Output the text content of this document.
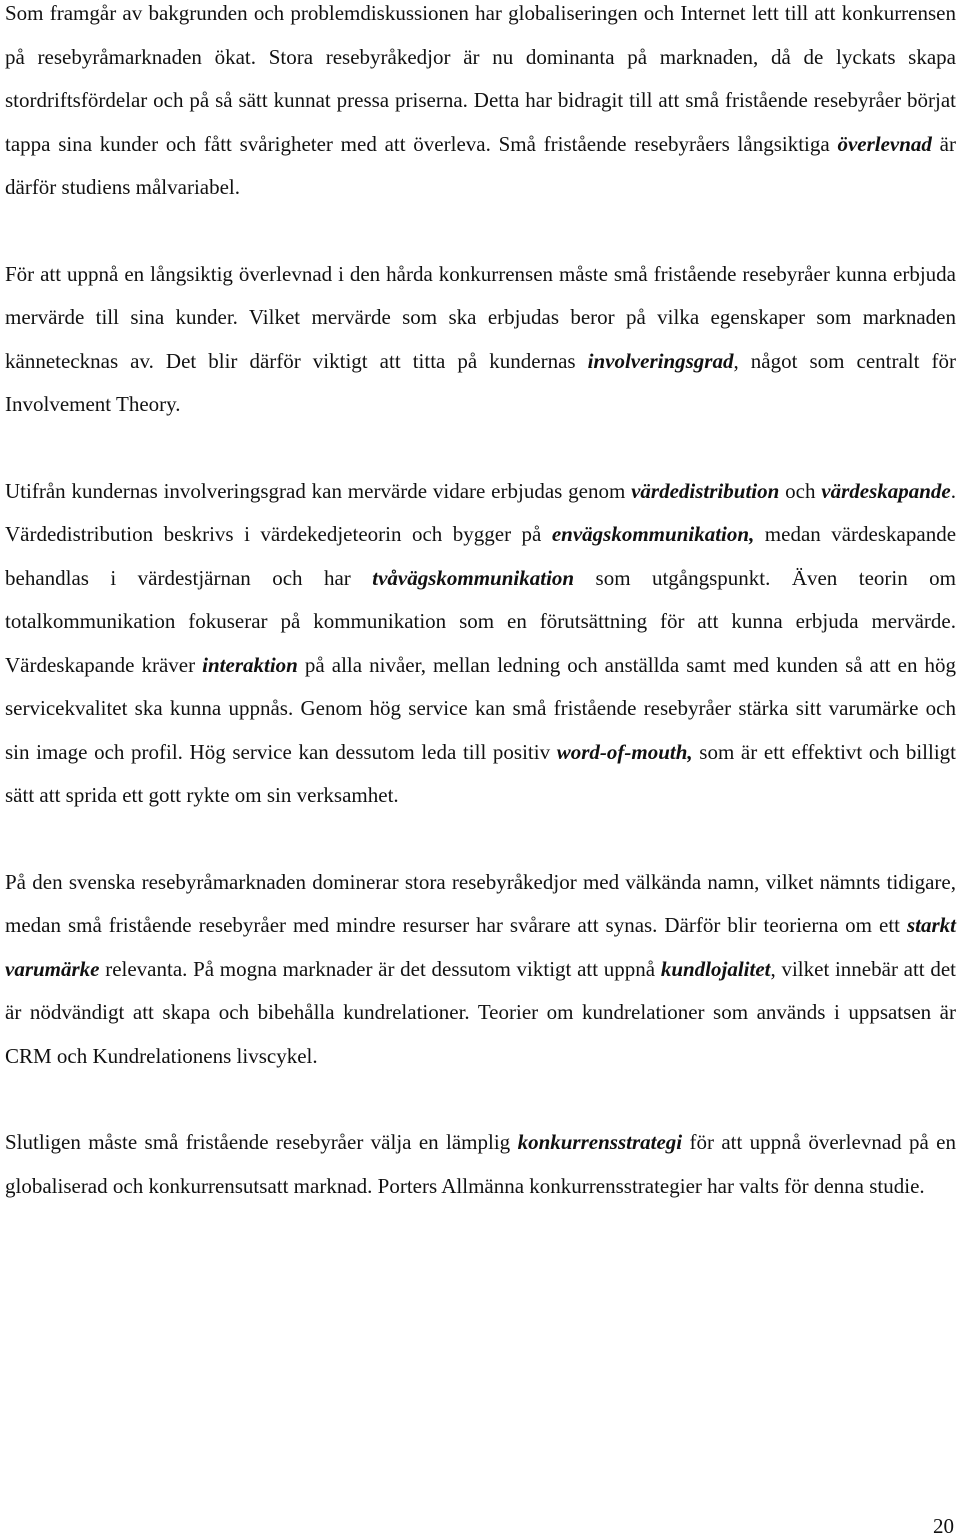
Som framgår av bakgrunden och problemdiskussionen har globaliseringen och Internet lett till att konkurrensen på resebyråmarknaden ökat. Stora resebyråkedjor är nu dominanta på marknaden, då de lyckats skapa stordriftsfördelar och på så sätt kunnat pressa priserna. Detta har bidragit till att små fristående resebyråer börjat tappa sina kunder och fått svårigheter med att överleva. Små fristående resebyråers långsiktiga överlevnad är därför studiens målvariabel.

För att uppnå en långsiktig överlevnad i den hårda konkurrensen måste små fristående resebyråer kunna erbjuda mervärde till sina kunder. Vilket mervärde som ska erbjudas beror på vilka egenskaper som marknaden kännetecknas av. Det blir därför viktigt att titta på kundernas involveringsgrad, något som centralt för Involvement Theory.

Utifrån kundernas involveringsgrad kan mervärde vidare erbjudas genom värdedistribution och värdeskapande. Värdedistribution beskrivs i värdekedjeteorin och bygger på envägskommunikation, medan värdeskapande behandlas i värdestjärnan och har tvåvägskommunikation som utgångspunkt. Även teorin om totalkommunikation fokuserar på kommunikation som en förutsättning för att kunna erbjuda mervärde. Värdeskapande kräver interaktion på alla nivåer, mellan ledning och anställda samt med kunden så att en hög servicekvalitet ska kunna uppnås. Genom hög service kan små fristående resebyråer stärka sitt varumärke och sin image och profil. Hög service kan dessutom leda till positiv word-of-mouth, som är ett effektivt och billigt sätt att sprida ett gott rykte om sin verksamhet.

På den svenska resebyråmarknaden dominerar stora resebyråkedjor med välkända namn, vilket nämnts tidigare, medan små fristående resebyråer med mindre resurser har svårare att synas. Därför blir teorierna om ett starkt varumärke relevanta. På mogna marknader är det dessutom viktigt att uppnå kundlojalitet, vilket innebär att det är nödvändigt att skapa och bibehålla kundrelationer. Teorier om kundrelationer som används i uppsatsen är CRM och Kundrelationens livscykel.

Slutligen måste små fristående resebyråer välja en lämplig konkurrensstrategi för att uppnå överlevnad på en globaliserad och konkurrensutsatt marknad. Porters Allmänna konkurrensstrategier har valts för denna studie.

20
